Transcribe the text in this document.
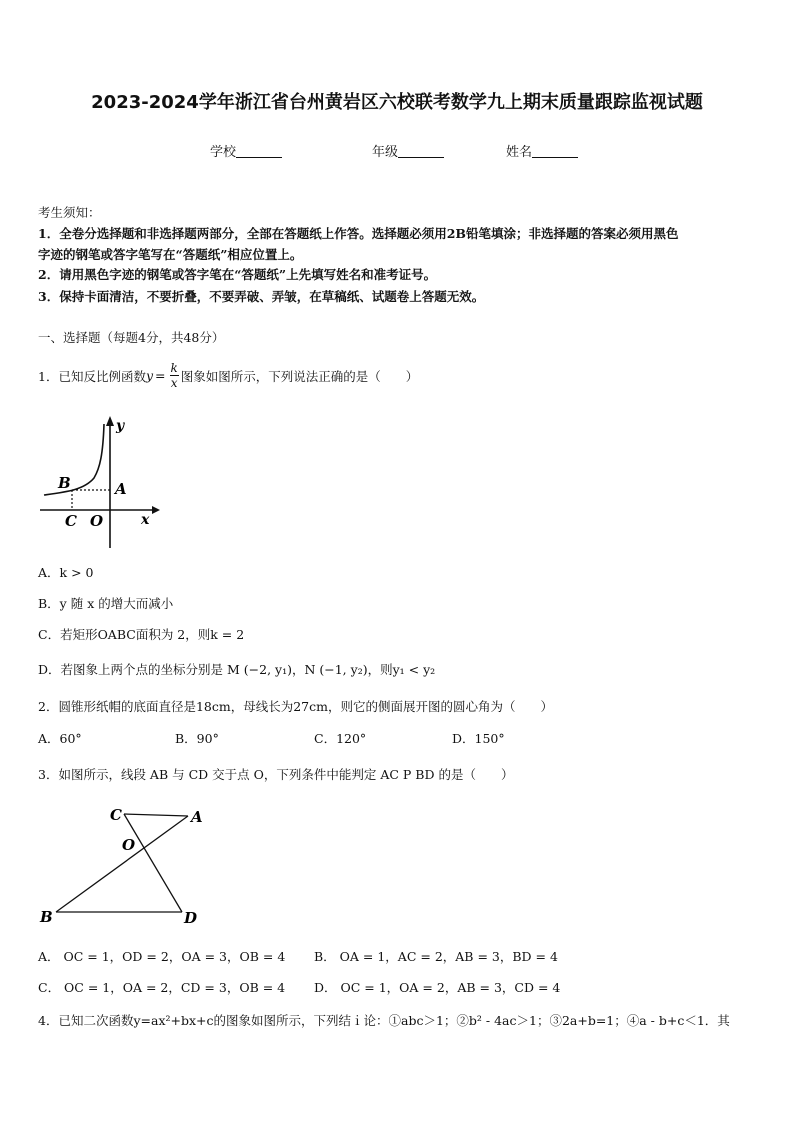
2023-2024学年浙江省台州黄岩区六校联考数学九上期末质量跟踪监视试题
学校	年级	姓名
考生须知：
1．全卷分选择题和非选择题两部分，全部在答题纸上作答。选择题必须用2B铅笔填涂；非选择题的答案必须用黑色
字迹的钢笔或答字笔写在“答题纸”相应位置上。
2．请用黑色字迹的钢笔或答字笔在“答题纸”上先填写姓名和准考证号。
3．保持卡面清洁，不要折叠，不要弄破、弄皱，在草稿纸、试题卷上答题无效。
一、选择题（每题4分，共48分）
1．已知反比例函数 $y = \frac{k}{x}$ 图象如图所示，下列说法正确的是（　　）
B	A
C O
y
x
A．k > 0
B．y 随 x 的增大而减小
C．若矩形OABC面积为 2，则k = 2
D．若图象上两个点的坐标分别是 M (−2, y₁)，N (−1, y₂)，则y₁ < y₂
2．圆锥形纸帽的底面直径是18cm，母线长为27cm，则它的侧面展开图的圆心角为（　　）
A．60°	B．90°	C．120°	D．150°
3．如图所示，线段 AB 与 CD 交于点 O，下列条件中能判定 AC P BD 的是（　　）
C	A
O
B	D
A． OC = 1，OD = 2，OA = 3，OB = 4 B． OA = 1，AC = 2，AB = 3，BD = 4
C． OC = 1，OA = 2，CD = 3，OB = 4 D． OC = 1，OA = 2，AB = 3，CD = 4
4．已知二次函数y=ax²+bx+c的图象如图所示，下列结ｉ论：①abc＞1；②b² - 4ac＞1；③2a+b=1；④a - b+c＜1．其
